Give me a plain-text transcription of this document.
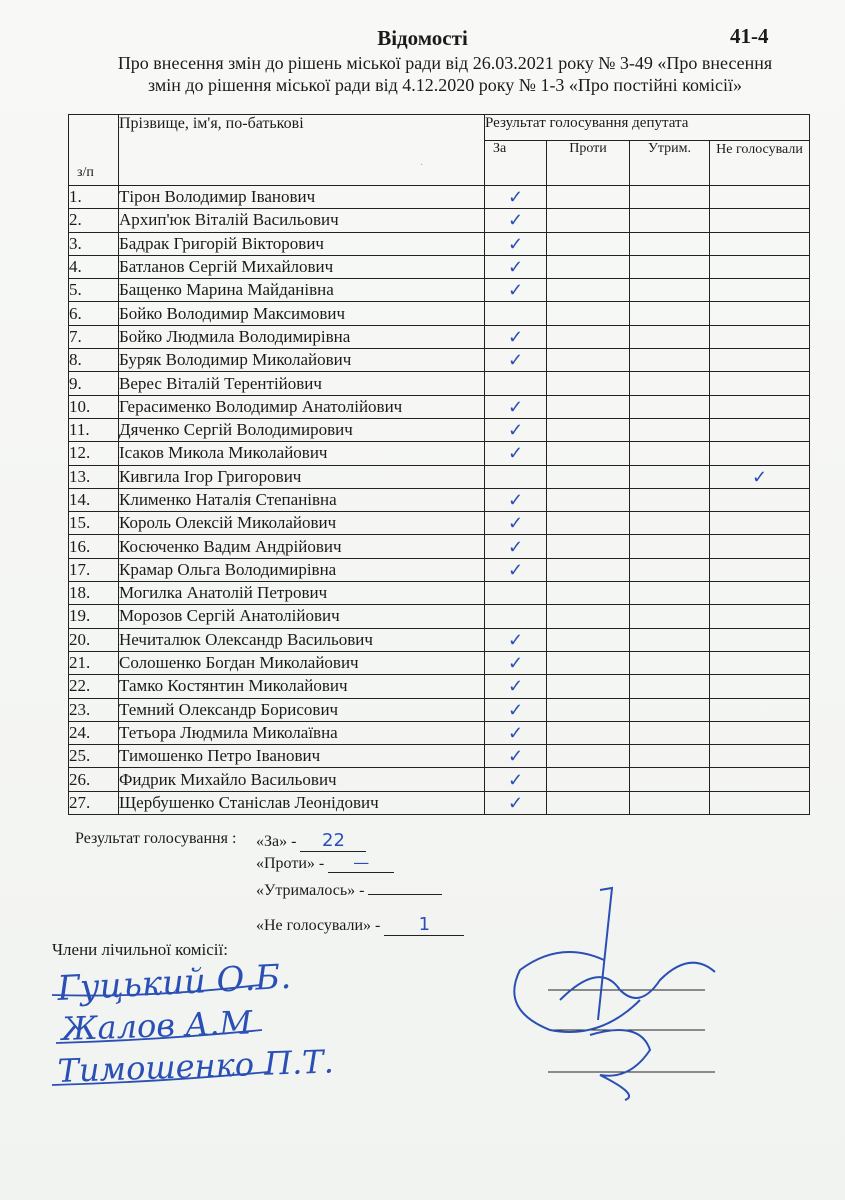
Відомості	41-4
Про внесення змін до рішень міської ради від 26.03.2021 року № 3-49 «Про внесення змін до рішення міської ради від 4.12.2020 року № 1-3 «Про постійні комісії»
з/п	Прізвище, ім'я, по-батькові	Результат голосування депутата			
		За	Проти	Утрим.	Не голосували
1.	Тірон Володимир Іванович	✓			
2.	Архип'юк Віталій Васильович	✓			
3.	Бадрак Григорій Вікторович	✓			
4.	Батланов Сергій Михайлович	✓			
5.	Бащенко Марина Майданівна	✓			
6.	Бойко Володимир Максимович				
7.	Бойко Людмила Володимирівна	✓			
8.	Буряк Володимир Миколайович	✓			
9.	Верес Віталій Терентійович				
10.	Герасименко Володимир Анатолійович	✓			
11.	Дяченко Сергій Володимирович	✓			
12.	Ісаков Микола Миколайович	✓			
13.	Кивгила Ігор Григорович				✓
14.	Клименко Наталія Степанівна	✓			
15.	Король Олексій Миколайович	✓			
16.	Косюченко Вадим Андрійович	✓			
17.	Крамар Ольга Володимирівна	✓			
18.	Могилка Анатолій Петрович				
19.	Морозов Сергій Анатолійович				
20.	Нечиталюк Олександр Васильович	✓			
21.	Солошенко Богдан Миколайович	✓			
22.	Тамко Костянтин Миколайович	✓			
23.	Темний Олександр Борисович	✓			
24.	Тетьора Людмила Миколаївна	✓			
25.	Тимошенко Петро Іванович	✓			
26.	Фидрик Михайло Васильович	✓			
27.	Щербушенко Станіслав Леонідович	✓			
Результат голосування : «За» - 22
«Проти» - —
«Утрималось» -
«Не голосували» - 1
Члени лічильної комісії:
Гуцький О.Б.
Жалов А.М
Тимошенко П.Т.
·
